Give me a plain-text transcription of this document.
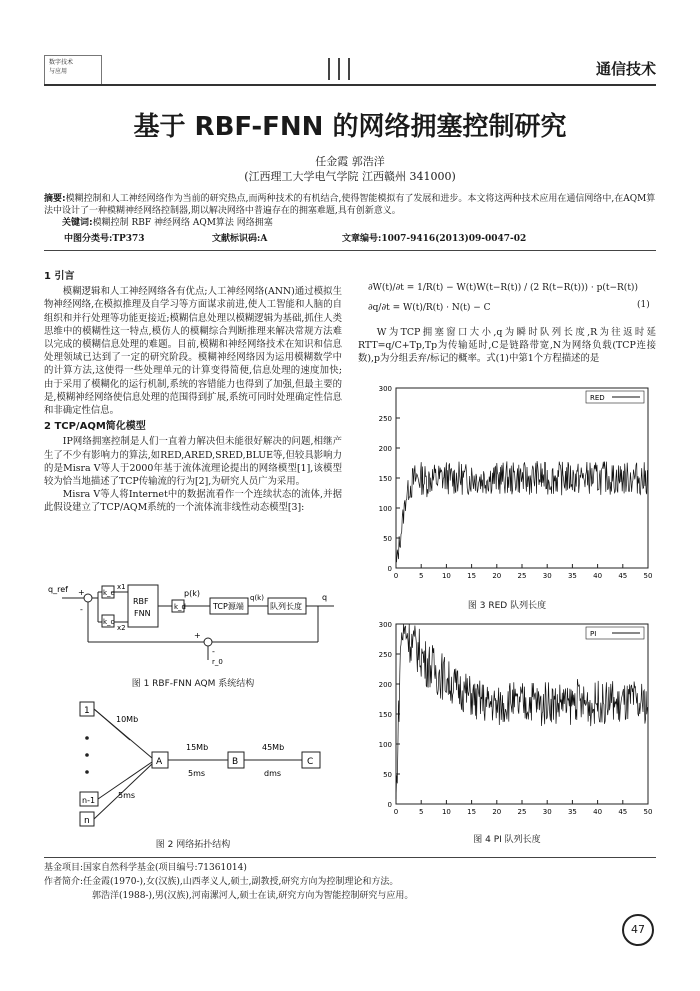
数字技术
与应用	通信技术
基于 RBF-FNN 的网络拥塞控制研究
任金霞 郭浩洋
(江西理工大学电气学院 江西赣州 341000)
摘要:模糊控制和人工神经网络作为当前的研究热点,而两种技术的有机结合,使得智能模拟有了发展和进步。本文将这两种技术应用在通信网络中,在AQM算法中设计了一种模糊神经网络控制器,期以解决网络中普遍存在的拥塞难题,具有创新意义。
关键词:模糊控制 RBF 神经网络 AQM算法 网络拥塞
中图分类号:TP373	文献标识码:A	文章编号:1007-9416(2013)09-0047-02
1 引言
模糊逻辑和人工神经网络各有优点;人工神经网络(ANN)通过模拟生物神经网络,在模拟推理及自学习等方面谋求前进,使人工智能和人脑的自组织和并行处理等功能更接近;模糊信息处理以模糊逻辑为基础,抓住人类思维中的模糊性这一特点,模仿人的模糊综合判断推理来解决常规方法难以完成的模糊信息处理的难题。目前,模糊和神经网络技术在知识和信息处理领域已达到了一定的研究阶段。模糊神经网络因为运用模糊数学中的计算方法,这使得一些处理单元的计算变得简便,信息处理的速度加快;由于采用了模糊化的运行机制,系统的容错能力也得到了加强,但最主要的是,模糊神经网络使信息处理的范围得到扩展,系统可同时处理确定性信息和非确定性信息。
2 TCP/AQM简化模型
IP网络拥塞控制是人们一直着力解决但未能很好解决的问题,相继产生了不少有影响力的算法,如RED,ARED,SRED,BLUE等,但较具影响力的是Misra V等人于2000年基于流体流理论提出的网络模型[1],该模型较为恰当地描述了TCP传输流的行为[2],为研究人员广为采用。
Misra V等人将Internet中的数据流看作一个连续状态的流体,并据此假设建立了TCP/AQM系统的一个流体流非线性动态模型[3]:
q_ref +
-
k_e
k_c
x1
x2
RBF
FNN
p(k)
k_d	TCP源端
q(k)
队列长度
q
+
-
r_0
图 1 RBF-FNN AQM 系统结构
1
n-1
n
A	B	C
10Mb
5ms
15Mb
5ms
45Mb
dms
图 2 网络拓扑结构
∂W(t)/∂t = 1/R(t) − W(t)W(t−R(t)) / (2 R(t−R(t))) · p(t−R(t))
∂q/∂t = W(t)/R(t) · N(t) − C	(1)
W为TCP拥塞窗口大小,q为瞬时队列长度,R为往返时延RTT=q/C+Tp,Tp为传输延时,C是链路带宽,N为网络负载(TCP连接数),p为分组丢弃/标记的概率。式(1)中第1个方程描述的是
0
50
100
150
200
250
300
0	5	10 15 20 25 30 35 40 45 50
RED
图 3 RED 队列长度
0
50
100
150
200
250
300
0	5	10 15 20 25 30 35 40 45 50
PI
图 4 PI 队列长度
基金项目:国家自然科学基金(项目编号:71361014)
作者简介:任金霞(1970-),女(汉族),山西孝义人,硕士,副教授,研究方向为控制理论和方法。
郭浩洋(1988-),男(汉族),河南漯河人,硕士在读,研究方向为智能控制研究与应用。
47
